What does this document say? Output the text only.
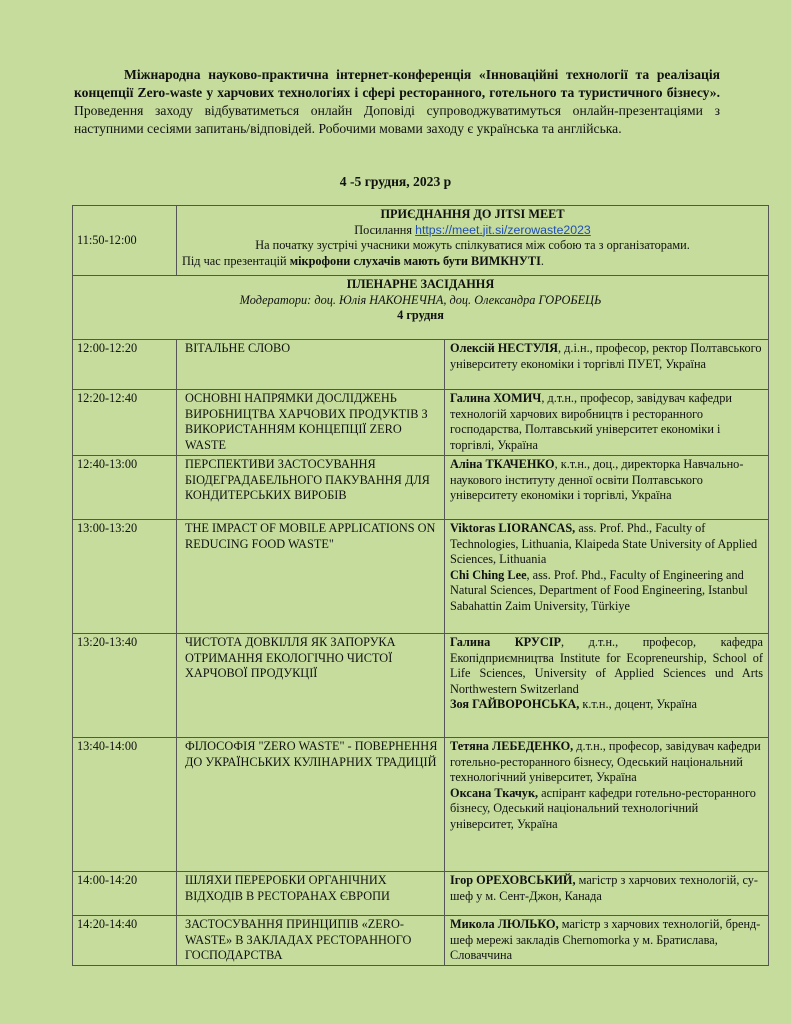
Міжнародна науково-практична інтернет-конференція «Інноваційні технології та реалізація концепції Zero-waste у харчових технологіях і сфері ресторанного, готельного та туристичного бізнесу». Проведення заходу відбуватиметься онлайн Доповіді супроводжуватимуться онлайн-презентаціями з наступними сесіями запитань/відповідей. Робочими мовами заходу є українська та англійська.

4 -5 грудня, 2023 р
11:50-12:00	ПРИЄДНАННЯ ДО JITSI MEET
Посилання https://meet.jit.si/zerowaste2023
На початку зустрічі учасники можуть спілкуватися між собою та з організаторами.
Під час презентацій мікрофони слухачів мають бути ВИМКНУТІ.	

ПЛЕНАРНЕ ЗАСІДАННЯ
Модератори: доц. Юлія НАКОНЕЧНА, доц. Олександра ГОРОБЕЦЬ
4 грудня		

12:00-12:20	ВІТАЛЬНЕ СЛОВО	Олексій НЕСТУЛЯ, д.і.н., професор, ректор Полтавського університету економіки і торгівлі ПУЕТ, Україна
12:20-12:40	ОСНОВНІ НАПРЯМКИ ДОСЛІДЖЕНЬ ВИРОБНИЦТВА ХАРЧОВИХ ПРОДУКТІВ З ВИКОРИСТАННЯМ КОНЦЕПЦІЇ ZERO WASTE	Галина ХОМИЧ, д.т.н., професор, завідувач кафедри технологій харчових виробництв і ресторанного господарства, Полтавський університет економіки і торгівлі, Україна
12:40-13:00	ПЕРСПЕКТИВИ ЗАСТОСУВАННЯ БІОДЕГРАДАБЕЛЬНОГО ПАКУВАННЯ ДЛЯ КОНДИТЕРСЬКИХ ВИРОБІВ	Аліна ТКАЧЕНКО, к.т.н., доц., директорка Навчально-наукового інституту денної освіти Полтавського університету економіки і торгівлі, Україна
13:00-13:20	THE IMPACT OF MOBILE APPLICATIONS ON REDUCING FOOD WASTE"	Viktoras LIORANCAS, ass. Prof. Phd., Faculty of Technologies, Lithuania, Klaipeda State University of Applied Sciences, Lithuania
Chi Ching Lee, ass. Prof. Phd., Faculty of Engineering and Natural Sciences, Department of Food Engineering, Istanbul Sabahattin Zaim University, Türkiye
13:20-13:40	ЧИСТОТА ДОВКІЛЛЯ ЯК ЗАПОРУКА ОТРИМАННЯ ЕКОЛОГІЧНО ЧИСТОЇ ХАРЧОВОЇ ПРОДУКЦІЇ	Галина КРУСІР, д.т.н., професор, кафедра Екопідприємництва Institute for Ecopreneurship, School of Life Sciences, University of Applied Sciences und Arts Northwestern Switzerland
Зоя ГАЙВОРОНСЬКА, к.т.н., доцент, Україна
13:40-14:00	ФІЛОСОФІЯ "ZERO WASTE" - ПОВЕРНЕННЯ ДО УКРАЇНСЬКИХ КУЛІНАРНИХ ТРАДИЦІЙ	Тетяна ЛЕБЕДЕНКО, д.т.н., професор, завідувач кафедри готельно-ресторанного бізнесу, Одеський національний технологічний університет, Україна
Оксана Ткачук, аспірант кафедри готельно-ресторанного бізнесу, Одеський національний технологічний університет, Україна
14:00-14:20	ШЛЯХИ ПЕРЕРОБКИ ОРГАНІЧНИХ ВІДХОДІВ В РЕСТОРАНАХ ЄВРОПИ	Ігор ОРЕХОВСЬКИЙ, магістр з харчових технологій, су-шеф у м. Сент-Джон, Канада
14:20-14:40	ЗАСТОСУВАННЯ ПРИНЦИПІВ «ZERO-WASTE» В ЗАКЛАДАХ РЕСТОРАННОГО ГОСПОДАРСТВА	Микола ЛЮЛЬКО, магістр з харчових технологій, бренд-шеф мережі закладів Chernomorka у м. Братислава, Словаччина
